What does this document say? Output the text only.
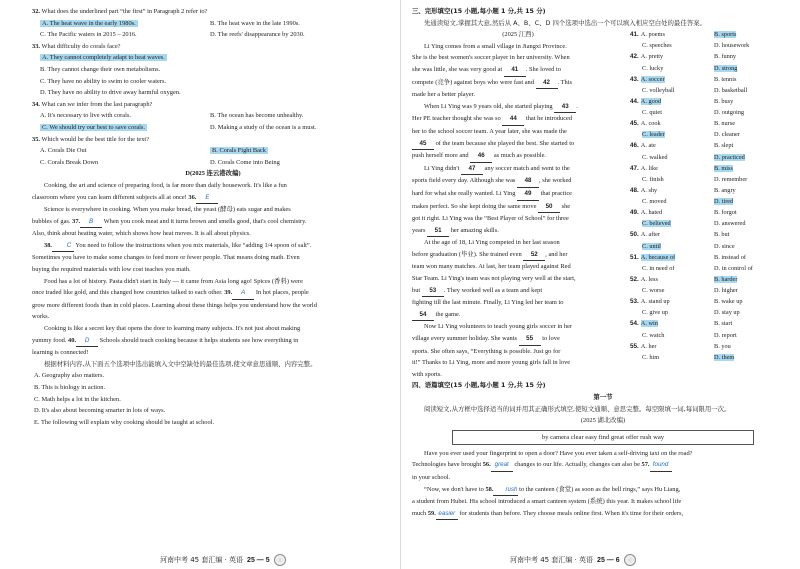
32. What does the underlined part “the first” in Paragraph 2 refer to?
A. The heat wave in the early 1980s.	B. The heat wave in the late 1990s.
C. The Pacific waters in 2015 – 2016.	D. The reefs' disappearance by 2030.
33. What difficulty do corals face?
A. They cannot completely adapt to heat waves.
B. They cannot change their own metabolisms.
C. They have no ability to swim to cooler waters.
D. They have no ability to drive away harmful oxygen.
34. What can we infer from the last paragraph?
A. It's necessary to live with corals.	B. The ocean has become unhealthy.
C. We should try our best to save corals.	D. Making a study of the ocean is a must.
35. Which would be the best title for the text?
A. Corals Die Out	B. Corals Fight Back
C. Corals Break Down	D. Corals Come into Being
D(2025 连云港改编)
Cooking, the art and science of preparing food, is far more than daily housework. It's like a fun
classroom where you can learn different subjects all at once! 36. E
Science is everywhere in cooking. When you make bread, the yeast (酵母) eats sugar and makes
bubbles of gas. 37. B When you cook meat and it turns brown and smells good, that's cool chemistry.
Also, think about heating water, which shows how heat moves. It is all about physics.
38. C You need to follow the instructions when you mix materials, like “adding 1/4 spoon of salt”.
Sometimes you have to make some changes to feed more or fewer people. That means doing math. Even
buying the required materials with low cost teaches you math.
Food has a lot of history. Pasta didn't start in Italy — it came from Asia long ago! Spices (香料) were
once traded like gold, and this changed how countries talked to each other. 39. A In hot places, people
grow more different foods than in cold places. Learning about these things helps you understand how the world
works.
Cooking is like a secret key that opens the door to learning many subjects. It's not just about making
yummy food. 40. D Schools should teach cooking because it helps students see how everything in
learning is connected!
根据材料内容,从下面五个选项中选出能填入文中空缺处的最佳选项,使文章意思通顺、内容完整。
A. Geography also matters.
B. This is biology in action.
C. Math helps a lot in the kitchen.
D. It's also about becoming smarter in lots of ways.
E. The following will explain why cooking should be taught at school.
河南中考 45 套汇编 · 英语 25 — 5
三、完形填空(15 小题,每小题 1 分,共 15 分)
先通读短文,掌握其大意,然后从 A、B、C、D 四个选项中选出一个可以填入相应空白处的最佳答案。
(2025 江西)
Li Ying comes from a small village in Jiangxi Province.
She is the best women's soccer player in her university. When
she was little, she was very good at 41 . She loved to
compete (竞争) against boys who were fast and 42 . This
made her a better player.
When Li Ying was 9 years old, she started playing 43 .
Her PE teacher thought she was so 44 that he introduced
her to the school soccer team. A year later, she was made the
45 of the team because she played the best. She started to
push herself more and 46 as much as possible.
Li Ying didn't 47 any soccer match and went to the
sports field every day. Although she was 48 , she worked
hard for what she really wanted. Li Ying 49 that practice
makes perfect. So she kept doing the same move 50 she
got it right. Li Ying was the “Best Player of School” for three
years 51 her amazing skills.
At the age of 18, Li Ying competed in her last season
before graduation (毕业). She trained even 52 , and her
team won many matches. At last, her team played against Red
Star Team. Li Ying's team was not playing very well at the start,
but 53 . They worked well as a team and kept
fighting till the last minute. Finally, Li Ying led her team to
54 the game.
Now Li Ying volunteers to teach young girls soccer in her
village every summer holiday. She wants 55 to love
sports. She often says, “Everything is possible. Just go for
it!” Thanks to Li Ying, more and more young girls fall in love
with sports.
41. A. poems	B. sports
C. speeches	D. housework
42. A. pretty	B. funny
C. lucky	D. strong
43. A. soccer	B. tennis
C. volleyball	D. basketball
44. A. good	B. busy
C. quiet	D. outgoing
45. A. cook	B. nurse
C. leader	D. cleaner
46. A. ate	B. slept
C. walked	D. practiced
47. A. like	B. miss
C. finish	D. remember
48. A. shy	B. angry
C. moved	D. tired
49. A. hated	B. forgot
C. believed	D. answered
50. A. after	B. but
C. until	D. since
51. A. because of	B. instead of
C. in need of	D. in control of
52. A. less	B. harder
C. worse	D. higher
53. A. stand up	B. wake up
C. give up	D. stay up
54. A. win	B. start
C. watch	D. report
55. A. her	B. you
C. him	D. them
四、语篇填空(15 小题,每小题 1 分,共 15 分)
第一节
阅读短文,从方框中选择适当的词并用其正确形式填空,使短文通顺、意思完整。每空限填一词,每词限用一次。
(2025 湖北改编)
by camera clear easy find great offer rush way
Have you ever used your fingerprint to open a door? Have you ever taken a self-driving taxi on the road?
Technologies have brought 56. great changes to our life. Actually, changes can also be 57. found
in your school.
“Now, we don't have to 58. rush to the canteen (食堂) as soon as the bell rings,” says Hu Liang,
a student from Hubei. His school introduced a smart canteen system (系统) this year. It makes school life
much 59. easier for students than before. They choose meals online first. When it's time for their orders,
河南中考 45 套汇编 · 英语 25 — 6
